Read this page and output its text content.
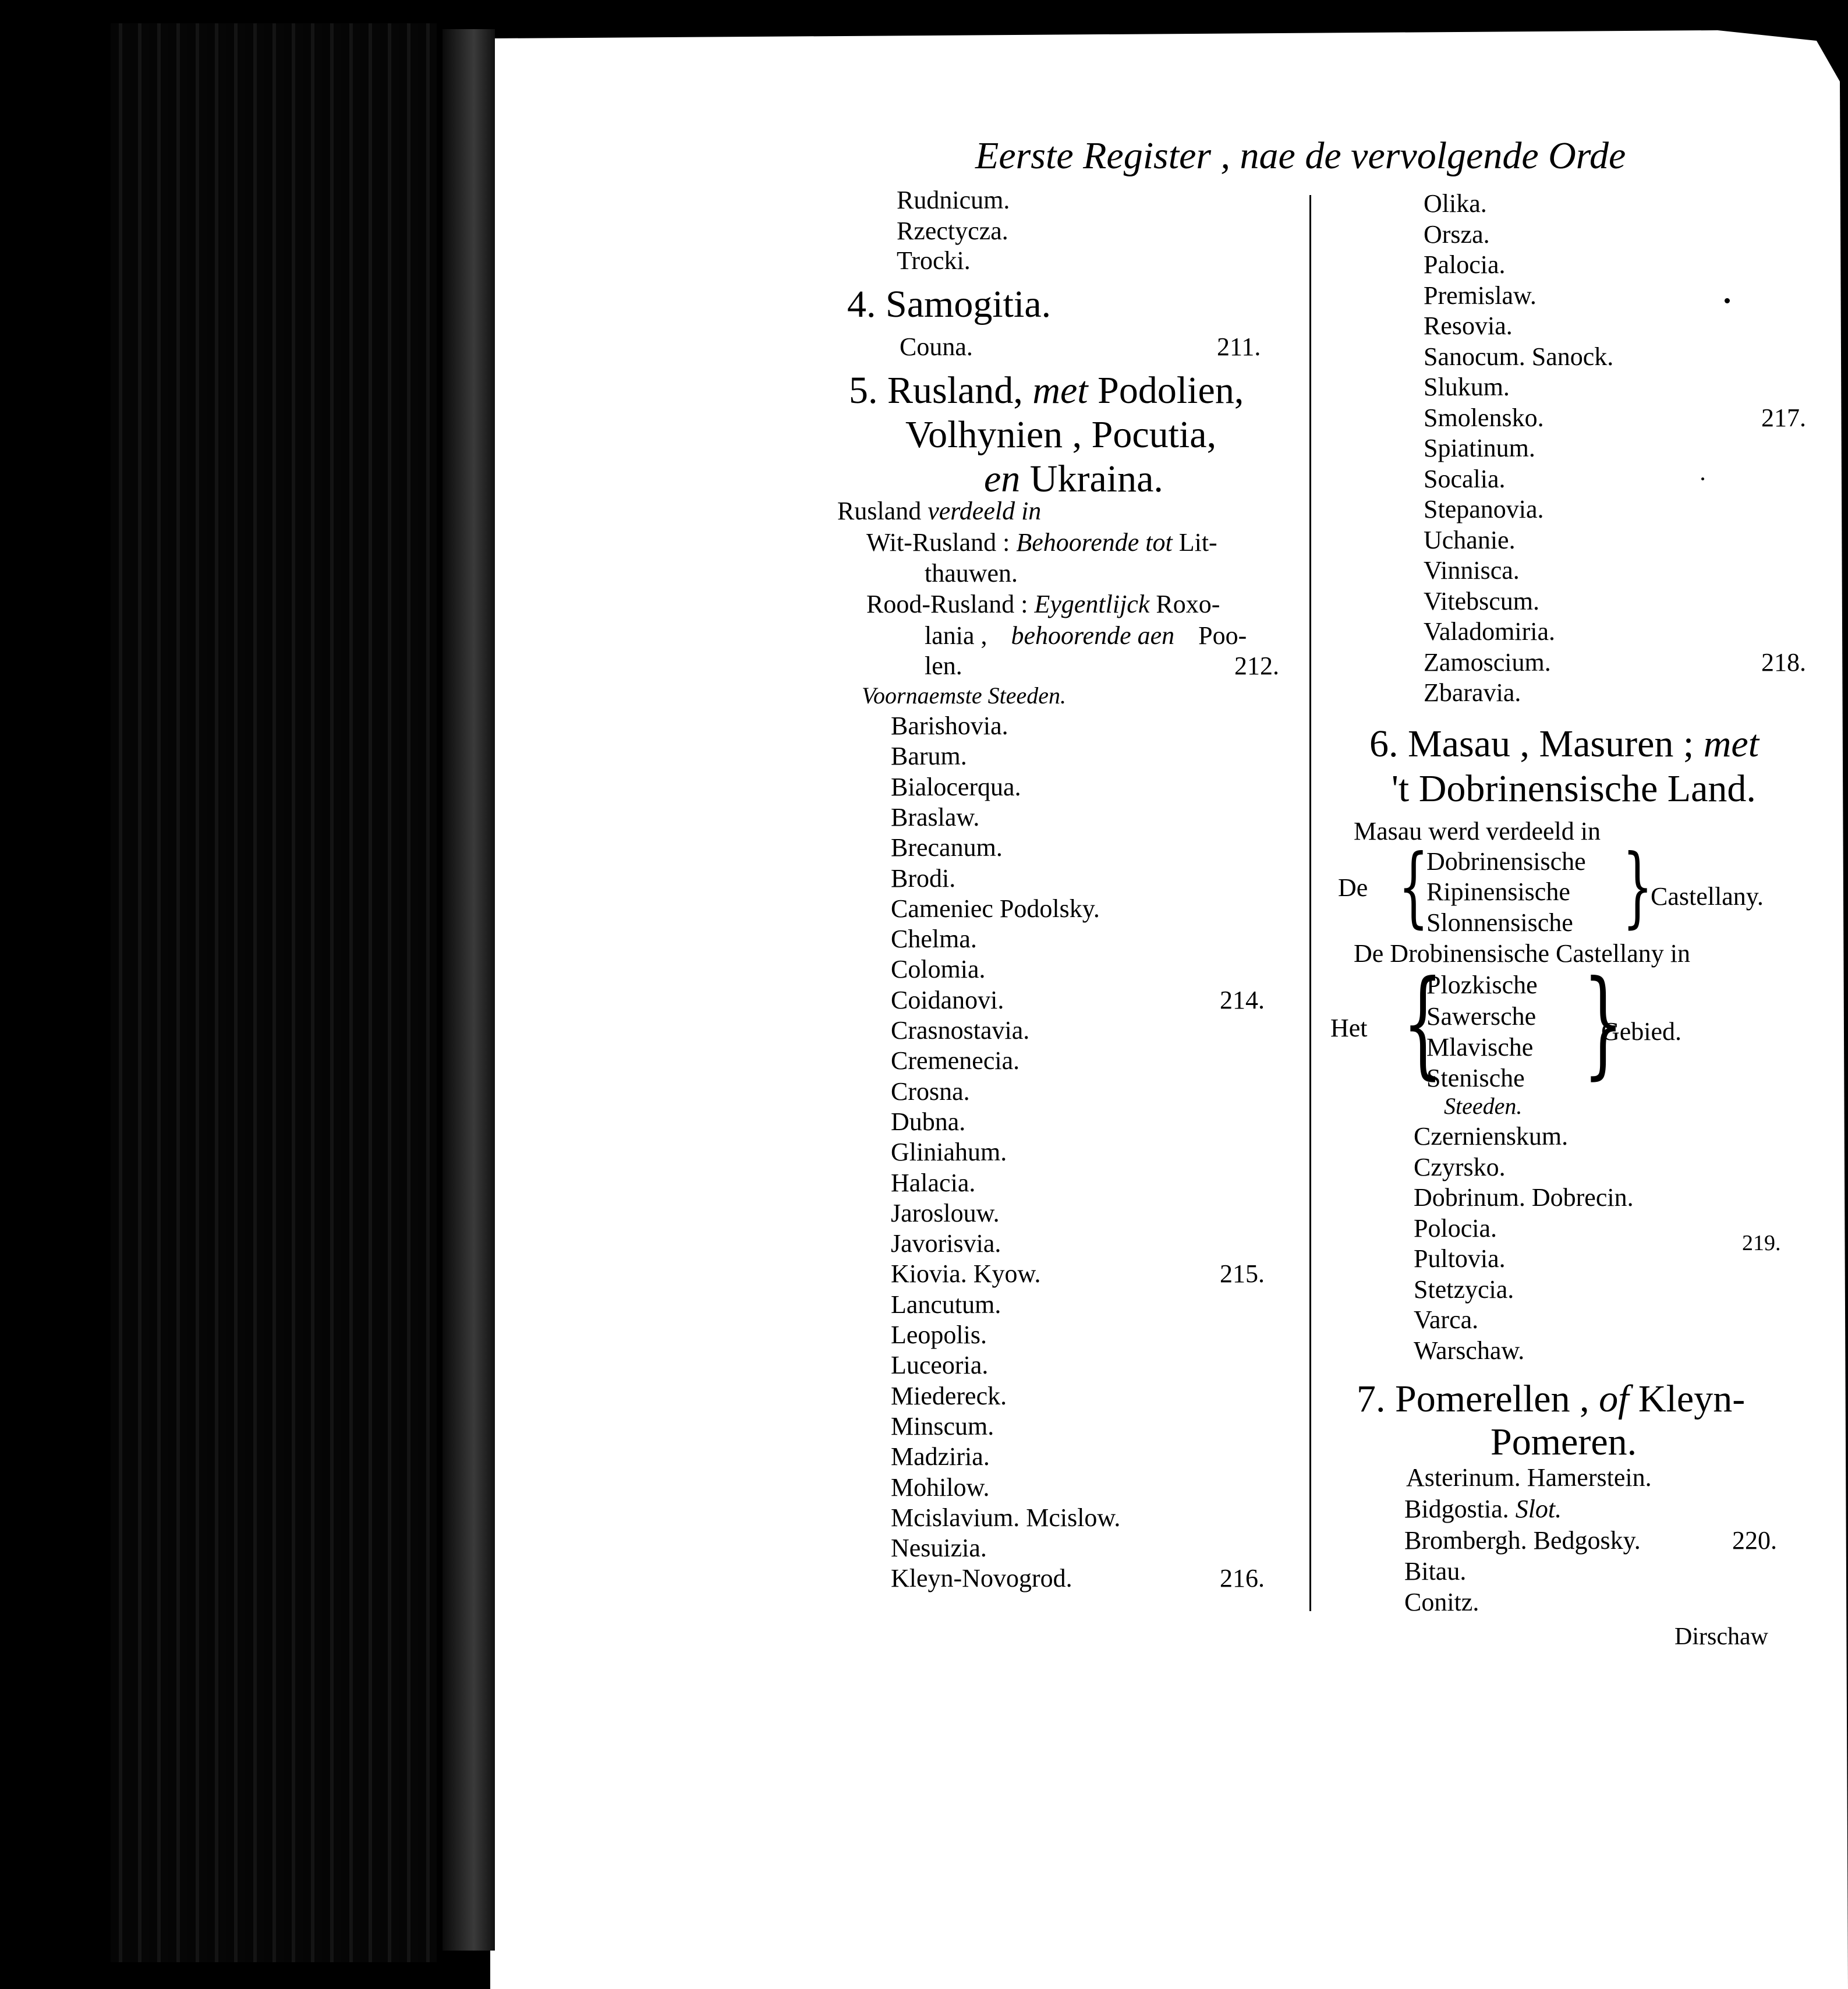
Eerste Register , nae de vervolgende Orde
Rudnicum.
Rzectycza.
Trocki.
4. Samogitia.
Couna.	211.
5. Rusland, met Podolien,
Volhynien , Pocutia,
en Ukraina.
Rusland verdeeld in
Wit-Rusland : Behoorende tot Lit-
thauwen.
Rood-Rusland : Eygentlijck Roxo-
lania , behoorende aen Poo-
len.	212.
Voornaemste Steeden.
Barishovia.
Barum.
Bialocerqua.
Braslaw.
Brecanum.
Brodi.
Cameniec Podolsky.
Chelma.
Colomia.
Coidanovi.	214.
Crasnostavia.
Cremenecia.
Crosna.
Dubna.
Gliniahum.
Halacia.
Jaroslouw.
Javorisvia.
Kiovia. Kyow.	215.
Lancutum.
Leopolis.
Luceoria.
Miedereck.
Minscum.
Madziria.
Mohilow.
Mcislavium. Mcislow.
Nesuizia.
Kleyn-Novogrod.	216.
Olika.
Orsza.
Palocia.
Premislaw.
Resovia.
Sanocum. Sanock.
Slukum.
Smolensko.	217.
Spiatinum.
Socalia.
Stepanovia.
Uchanie.
Vinnisca.
Vitebscum.
Valadomiria.
Zamoscium.	218.
Zbaravia.
6. Masau , Masuren ; met
't Dobrinensische Land.
Masau werd verdeeld in
De {
Dobrinensische
Ripinensische
Slonnensische }
Castellany.
De Drobinensische Castellany in
Het {
Plozkische
Sawersche
Mlavische
Stenische }
Gebied.
Steeden.
Czernienskum.
Czyrsko.
Dobrinum. Dobrecin.
Polocia.
Pultovia.
Stetzycia.
Varca.
Warschaw.
219.
7. Pomerellen , of Kleyn-
Pomeren.
Asterinum. Hamerstein.
Bidgostia. Slot.
Brombergh. Bedgosky.	220.
Bitau.
Conitz.
Dirschaw
